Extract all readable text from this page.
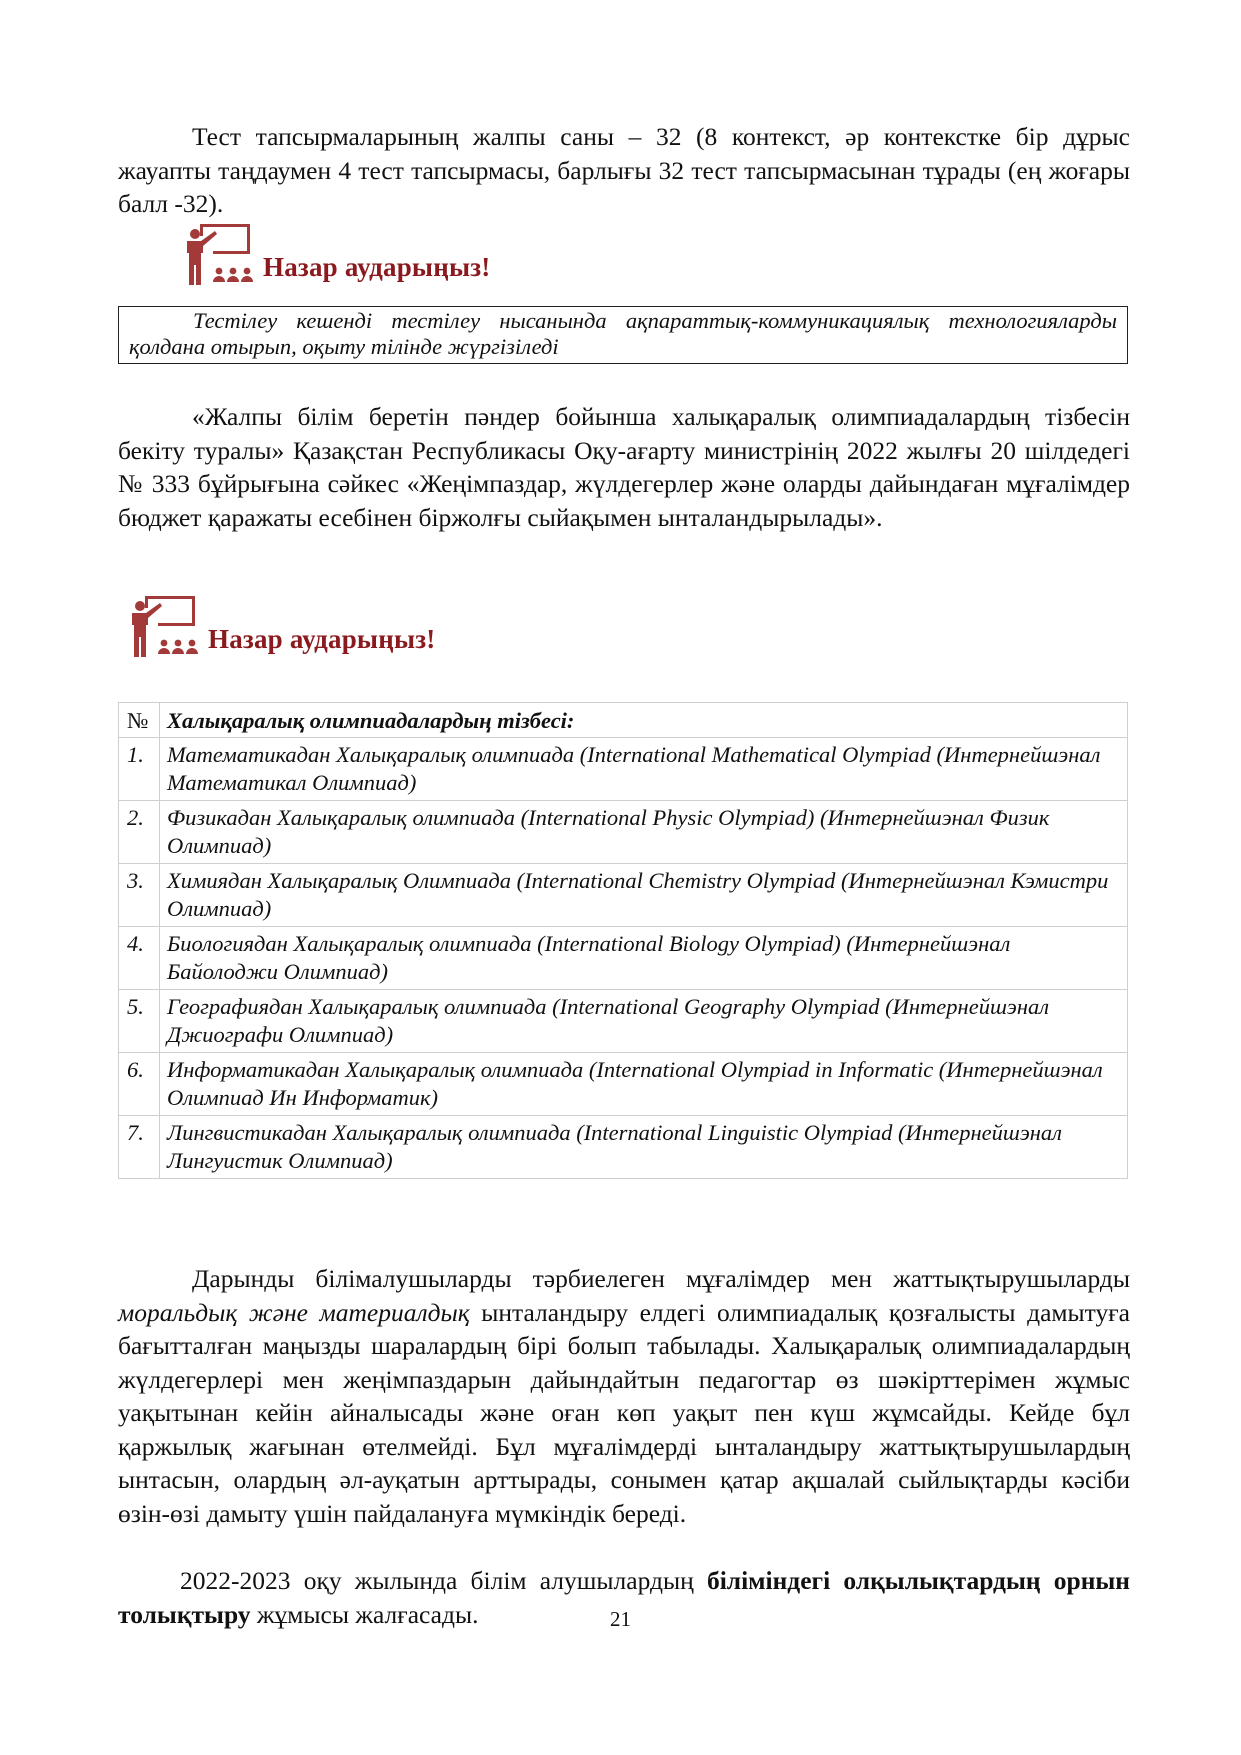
Тест тапсырмаларының жалпы саны – 32 (8 контекст, әр контекстке бір дұрыс жауапты таңдаумен 4 тест тапсырмасы, барлығы 32 тест тапсырмасынан тұрады (ең жоғары балл -32).

Назар аударыңыз!

Тестілеу кешенді тестілеу нысанында ақпараттық-коммуникациялық технологияларды қолдана отырып, оқыту тілінде жүргізіледі

«Жалпы білім беретін пәндер бойынша халықаралық олимпиадалардың тізбесін бекіту туралы» Қазақстан Республикасы Оқу-ағарту министрінің 2022 жылғы 20 шілдедегі № 333 бұйрығына сәйкес «Жеңімпаздар, жүлдегерлер және оларды дайындаған мұғалімдер бюджет қаражаты есебінен біржолғы сыйақымен ынталандырылады».

Назар аударыңыз!
№	Халықаралық олимпиадалардың тізбесі:
1.	Математикадан Халықаралық олимпиада (International Mathematical Olympiad (Интернейшэнал Математикал Олимпиад)
2.	Физикадан Халықаралық олимпиада (International Physic Olympiad) (Интернейшэнал Физик Олимпиад)
3.	Химиядан Халықаралық Олимпиада (International Chemistry Olympiad (Интернейшэнал Кэмистри Олимпиад)
4.	Биологиядан Халықаралық олимпиада (International Biology Olympiad) (Интернейшэнал Байолоджи Олимпиад)
5.	Географиядан Халықаралық олимпиада (International Geography Olympiad (Интернейшэнал Джиографи Олимпиад)
6.	Информатикадан Халықаралық олимпиада (International Olympiad in Informatic (Интернейшэнал Олимпиад Ин Информатик)
7.	Лингвистикадан Халықаралық олимпиада (International Linguistic Olympiad (Интернейшэнал Лингуистик Олимпиад)

Дарынды білімалушыларды тәрбиелеген мұғалімдер мен жаттықтырушыларды моральдық және материалдық ынталандыру елдегі олимпиадалық қозғалысты дамытуға бағытталған маңызды шаралардың бірі болып табылады. Халықаралық олимпиадалардың жүлдегерлері мен жеңімпаздарын дайындайтын педагогтар өз шәкірттерімен жұмыс уақытынан кейін айналысады және оған көп уақыт пен күш жұмсайды. Кейде бұл қаржылық жағынан өтелмейді. Бұл мұғалімдерді ынталандыру жаттықтырушылардың ынтасын, олардың әл-ауқатын арттырады, сонымен қатар ақшалай сыйлықтарды кәсіби өзін-өзі дамыту үшін пайдалануға мүмкіндік береді.

2022-2023 оқу жылында білім алушылардың біліміндегі олқылықтардың орнын толықтыру жұмысы жалғасады.	21
